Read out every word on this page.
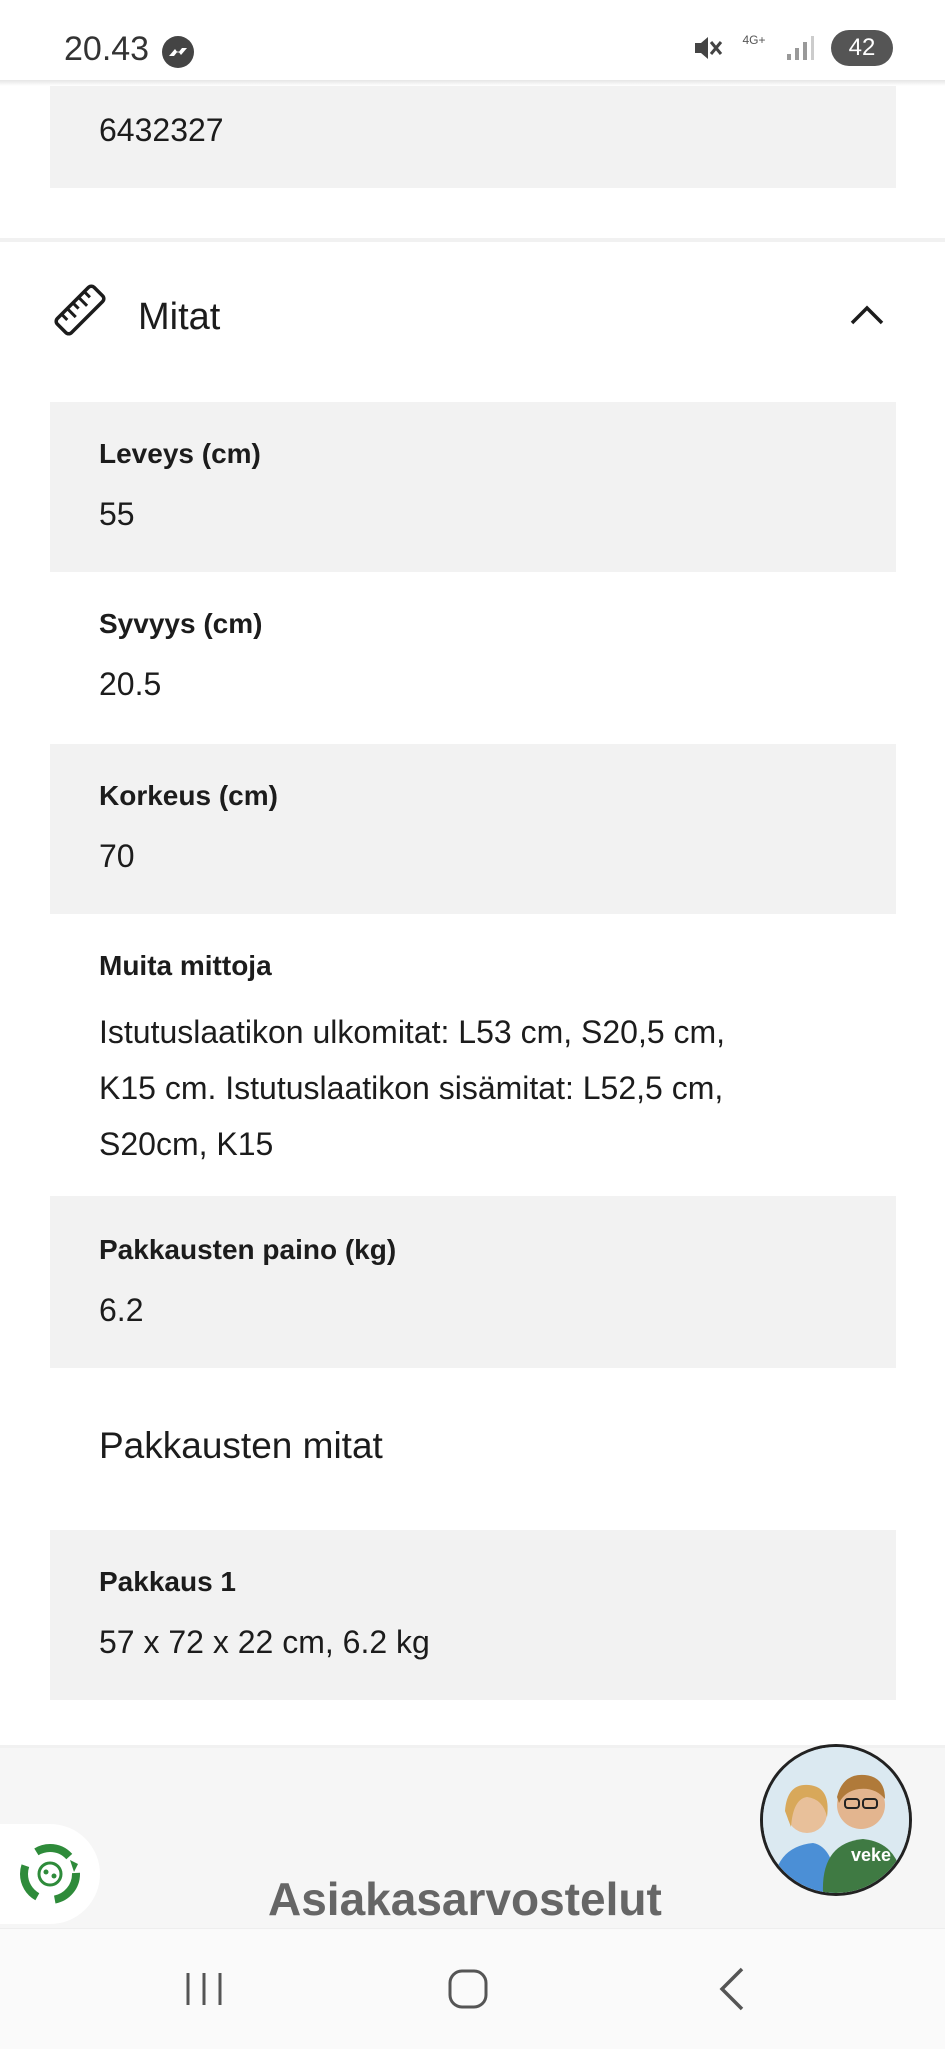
20.43	4G+	42
6432327
Mitat
Leveys (cm)
55
Syvyys (cm)
20.5
Korkeus (cm)
70
Muita mittoja
Istutuslaatikon ulkomitat: L53 cm, S20,5 cm,
K15 cm. Istutuslaatikon sisämitat: L52,5 cm,
S20cm, K15
Pakkausten paino (kg)
6.2
Pakkausten mitat
Pakkaus 1
57 x 72 x 22 cm, 6.2 kg
Asiakasarvostelut
veke
